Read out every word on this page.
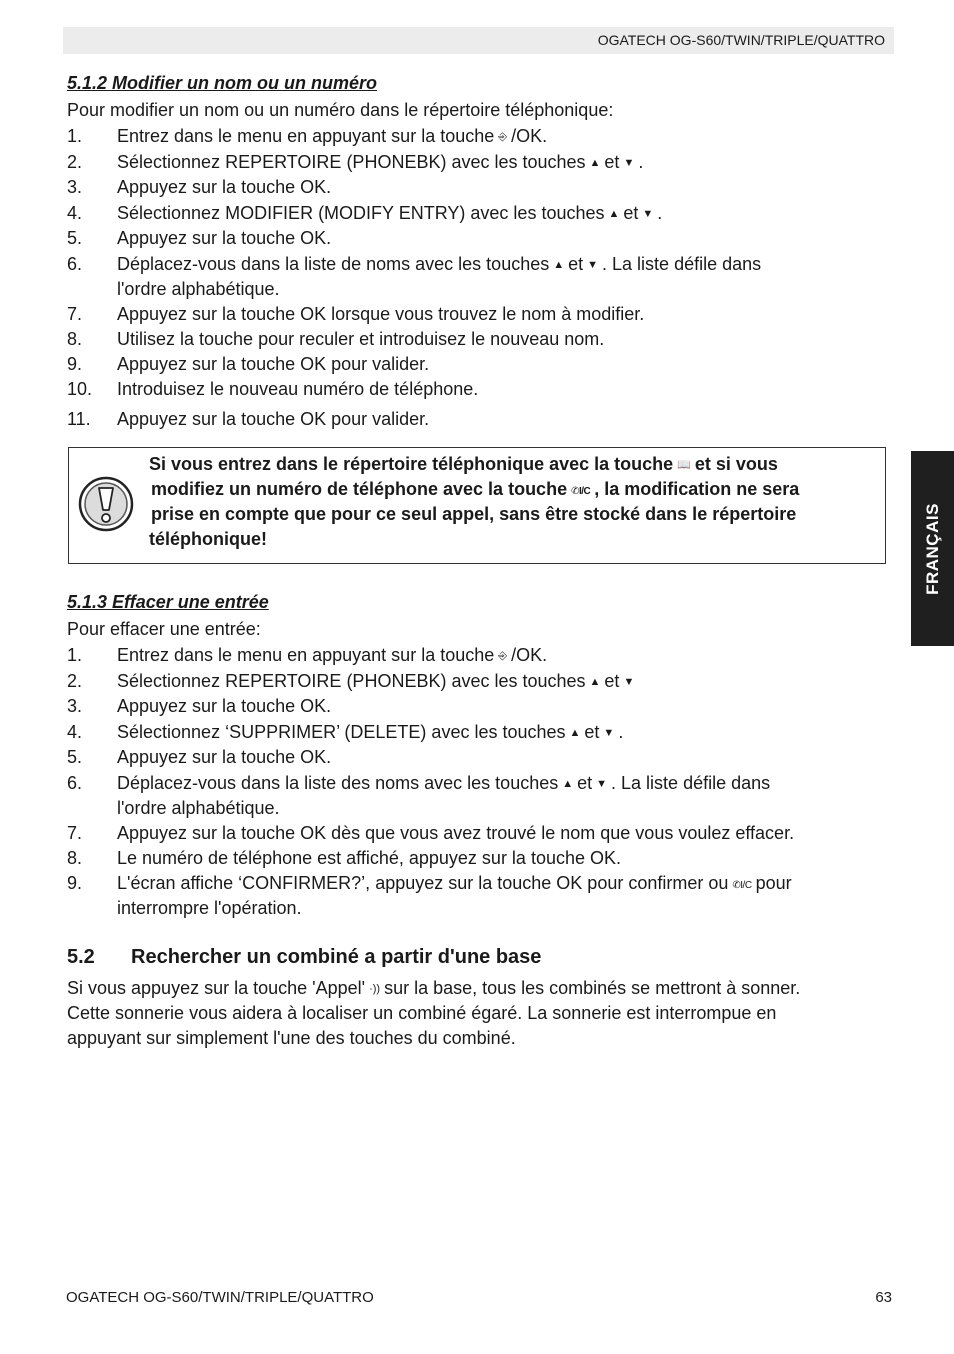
OGATECH OG-S60/TWIN/TRIPLE/QUATTRO
FRANÇAIS
5.1.2 Modifier un nom ou un numéro
Pour modifier un nom ou un numéro dans le répertoire téléphonique:
1. Entrez dans le menu en appuyant sur la touche ⎆ /OK.
2. Sélectionnez REPERTOIRE (PHONEBK) avec les touches ▲ et ▼ .
3. Appuyez sur la touche OK.
4. Sélectionnez MODIFIER (MODIFY ENTRY) avec les touches ▲ et ▼ .
5. Appuyez sur la touche OK.
6. Déplacez-vous dans la liste de noms avec les touches ▲ et ▼ . La liste défile dans
l'ordre alphabétique.
7. Appuyez sur la touche OK lorsque vous trouvez le nom à modifier.
8. Utilisez la touche pour reculer et introduisez le nouveau nom.
9. Appuyez sur la touche OK pour valider.
10. Introduisez le nouveau numéro de téléphone.
11. Appuyez sur la touche OK pour valider.
Si vous entrez dans le répertoire téléphonique avec la touche 📖 et si vous
modifiez un numéro de téléphone avec la touche ✆I/C , la modification ne sera
prise en compte que pour ce seul appel, sans être stocké dans le répertoire
téléphonique!
5.1.3 Effacer une entrée
Pour effacer une entrée:
1. Entrez dans le menu en appuyant sur la touche ⎆ /OK.
2. Sélectionnez REPERTOIRE (PHONEBK) avec les touches ▲ et ▼
3. Appuyez sur la touche OK.
4. Sélectionnez ‘SUPPRIMER’ (DELETE) avec les touches ▲ et ▼ .
5. Appuyez sur la touche OK.
6. Déplacez-vous dans la liste des noms avec les touches ▲ et ▼ . La liste défile dans
l'ordre alphabétique.
7. Appuyez sur la touche OK dès que vous avez trouvé le nom que vous voulez effacer.
8. Le numéro de téléphone est affiché, appuyez sur la touche OK.
9. L'écran affiche ‘CONFIRMER?’, appuyez sur la touche OK pour confirmer ou ✆I/C pour
interrompre l'opération.
5.2 Rechercher un combiné a partir d'une base
Si vous appuyez sur la touche 'Appel' ·)) sur la base, tous les combinés se mettront à sonner.
Cette sonnerie vous aidera à localiser un combiné égaré. La sonnerie est interrompue en
appuyant sur simplement l'une des touches du combiné.
OGATECH OG-S60/TWIN/TRIPLE/QUATTRO	63
